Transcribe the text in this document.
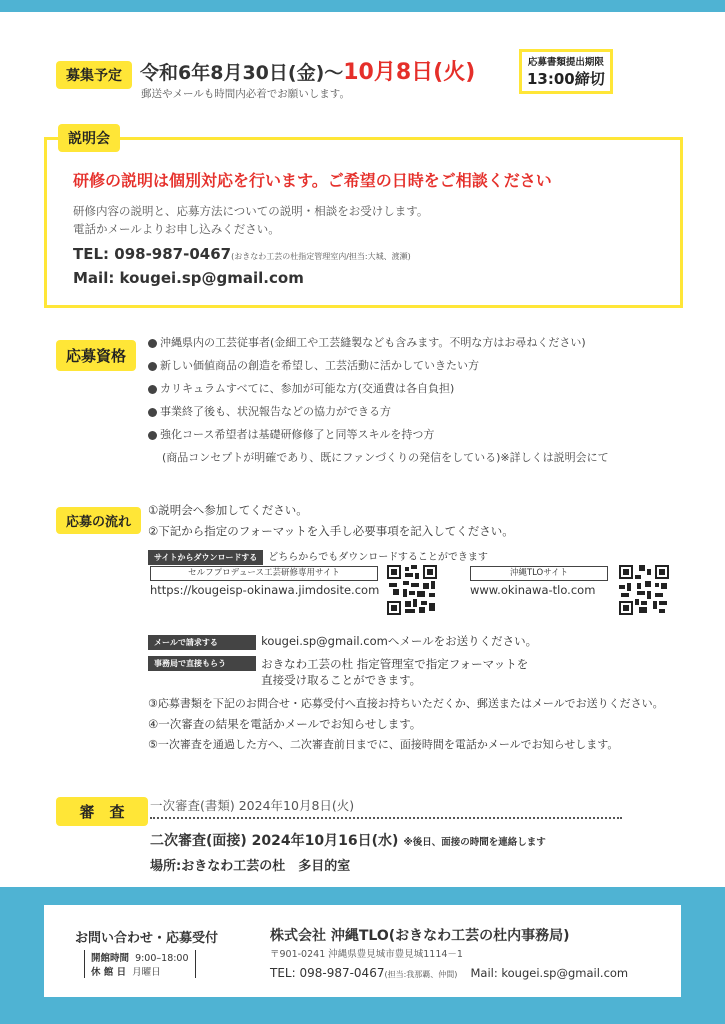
募集予定 令和6年8月30日(金)〜10月8日(火)
郵送やメールも時間内必着でお願いします。
応募書類提出期限
13:00締切
説明会
研修の説明は個別対応を行います。ご希望の日時をご相談ください
研修内容の説明と、応募方法についての説明・相談をお受けします。
電話かメールよりお申し込みください。
TEL: 098-987-0467(おきなわ工芸の杜指定管理室内/担当:大城、渡瀬)
Mail: kougei.sp@gmail.com
応募資格
沖縄県内の工芸従事者(金細工や工芸縫製なども含みます。不明な方はお尋ねください)
新しい価値商品の創造を希望し、工芸活動に活かしていきたい方
カリキュラムすべてに、参加が可能な方(交通費は各自負担)
事業終了後も、状況報告などの協力ができる方
強化コース希望者は基礎研修修了と同等スキルを持つ方
(商品コンセプトが明確であり、既にファンづくりの発信をしている)※詳しくは説明会にて
応募の流れ
①説明会へ参加してください。
②下記から指定のフォーマットを入手し必要事項を記入してください。
サイトからダウンロードする どちらからでもダウンロードすることができます
セルフプロデュース工芸研修専用サイト
https://kougeisp-okinawa.jimdosite.com
沖縄TLOサイト
www.okinawa-tlo.com
メールで請求する	kougei.sp@gmail.comへメールをお送りください。
事務局で直接もらう	おきなわ工芸の杜 指定管理室で指定フォーマットを
直接受け取ることができます。
③応募書類を下記のお問合せ・応募受付へ直接お持ちいただくか、郵送またはメールでお送りください。
④一次審査の結果を電話かメールでお知らせします。
⑤一次審査を通過した方へ、二次審査前日までに、面接時間を電話かメールでお知らせします。
審　査	一次審査(書類) 2024年10月8日(火)
二次審査(面接) 2024年10月16日(水) ※後日、面接の時間を連絡します
場所:おきなわ工芸の杜　多目的室
お問い合わせ・応募受付
開館時間 9:00–18:00
休 館 日 月曜日
株式会社 沖縄TLO(おきなわ工芸の杜内事務局)
〒901-0241 沖縄県豊見城市豊見城1114－1
TEL: 098-987-0467(担当:我那覇、仲間) Mail: kougei.sp@gmail.com
